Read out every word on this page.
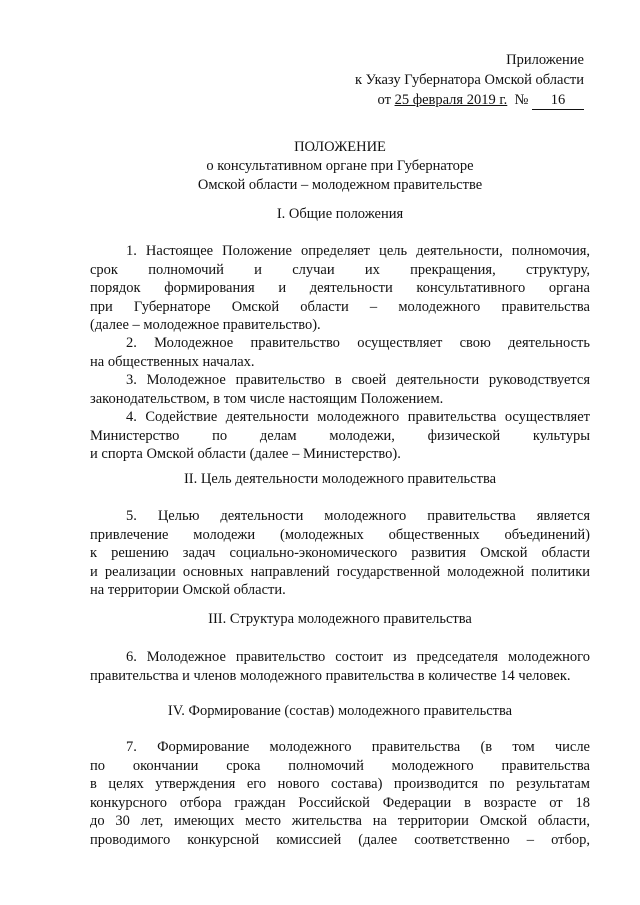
Приложение
к Указу Губернатора Омской области
от 25 февраля 2019 г. № 16
ПОЛОЖЕНИЕ
о консультативном органе при Губернаторе
Омской области – молодежном правительстве
I. Общие положения
1. Настоящее Положение определяет цель деятельности, полномочия,
срок полномочий и случаи их прекращения, структуру,
порядок формирования и деятельности консультативного органа
при Губернаторе Омской области – молодежного правительства
(далее – молодежное правительство).
2. Молодежное правительство осуществляет свою деятельность
на общественных началах.
3. Молодежное правительство в своей деятельности руководствуется
законодательством, в том числе настоящим Положением.
4. Содействие деятельности молодежного правительства осуществляет
Министерство по делам молодежи, физической культуры
и спорта Омской области (далее – Министерство).
II. Цель деятельности молодежного правительства
5. Целью деятельности молодежного правительства является
привлечение молодежи (молодежных общественных объединений)
к решению задач социально-экономического развития Омской области
и реализации основных направлений государственной молодежной политики
на территории Омской области.
III. Структура молодежного правительства
6. Молодежное правительство состоит из председателя молодежного
правительства и членов молодежного правительства в количестве 14 человек.
IV. Формирование (состав) молодежного правительства
7. Формирование молодежного правительства (в том числе
по окончании срока полномочий молодежного правительства
в целях утверждения его нового состава) производится по результатам
конкурсного отбора граждан Российской Федерации в возрасте от 18
до 30 лет, имеющих место жительства на территории Омской области,
проводимого конкурсной комиссией (далее соответственно – отбор,
